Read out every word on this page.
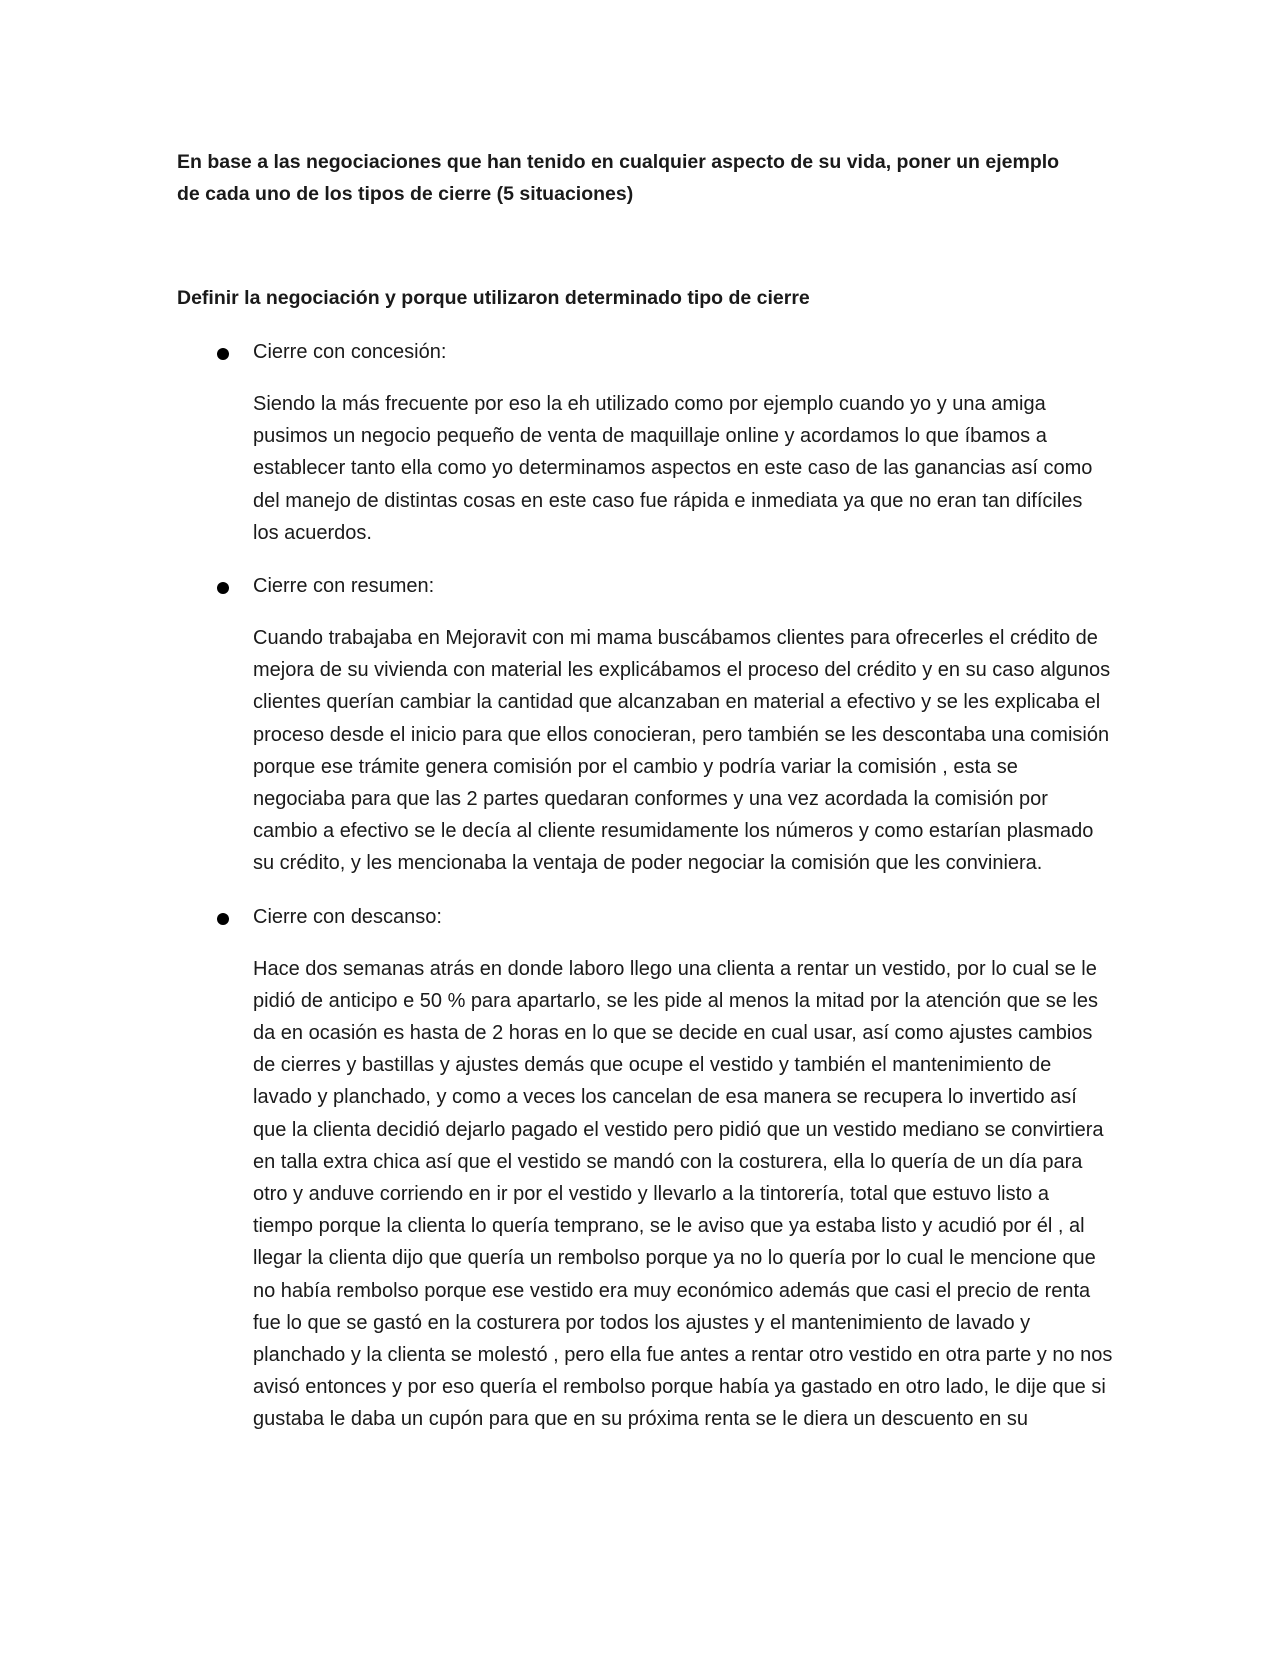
En base a las negociaciones que han tenido en cualquier aspecto de su vida, poner un ejemplo de cada uno de los tipos de cierre (5 situaciones)

Definir la negociación y porque utilizaron determinado tipo de cierre

Cierre con concesión:

Siendo la más frecuente por eso la eh utilizado como por ejemplo cuando yo y una amiga pusimos un negocio pequeño de venta de maquillaje online y acordamos lo que íbamos a establecer tanto ella como yo determinamos aspectos en este caso de las ganancias así como del manejo de distintas cosas en este caso fue rápida e inmediata ya que no eran tan difíciles los acuerdos.

Cierre con resumen:

Cuando trabajaba en Mejoravit con mi mama buscábamos clientes para ofrecerles el crédito de mejora de su vivienda con material les explicábamos el proceso del crédito y en su caso algunos clientes querían cambiar la cantidad que alcanzaban en material a efectivo y se les explicaba el proceso desde el inicio para que ellos conocieran, pero también se les descontaba una comisión porque ese trámite genera comisión por el cambio y podría variar la comisión , esta se negociaba para que las 2 partes quedaran conformes y una vez acordada la comisión por cambio a efectivo se le decía al cliente resumidamente los números y como estarían plasmado su crédito, y les mencionaba la ventaja de poder negociar la comisión que les conviniera.

Cierre con descanso:

Hace dos semanas atrás en donde laboro llego una clienta a rentar un vestido, por lo cual se le pidió de anticipo e 50 % para apartarlo, se les pide al menos la mitad por la atención que se les da en ocasión es hasta de 2 horas en lo que se decide en cual usar, así como ajustes cambios de cierres y bastillas y ajustes demás que ocupe el vestido y también el mantenimiento de lavado y planchado, y como a veces los cancelan de esa manera se recupera lo invertido así que la clienta decidió dejarlo pagado el vestido pero pidió que un vestido mediano se convirtiera en talla extra chica así que el vestido se mandó con la costurera, ella lo quería de un día para otro y anduve corriendo en ir por el vestido y llevarlo a la tintorería, total que estuvo listo a tiempo porque la clienta lo quería temprano, se le aviso que ya estaba listo y acudió por él , al llegar la clienta dijo que quería un rembolso porque ya no lo quería por lo cual le mencione que no había rembolso porque ese vestido era muy económico además que casi el precio de renta fue lo que se gastó en la costurera por todos los ajustes y el mantenimiento de lavado y planchado y la clienta se molestó , pero ella fue antes a rentar otro vestido en otra parte y no nos avisó entonces y por eso quería el rembolso porque había ya gastado en otro lado, le dije que si gustaba le daba un cupón para que en su próxima renta se le diera un descuento en su
